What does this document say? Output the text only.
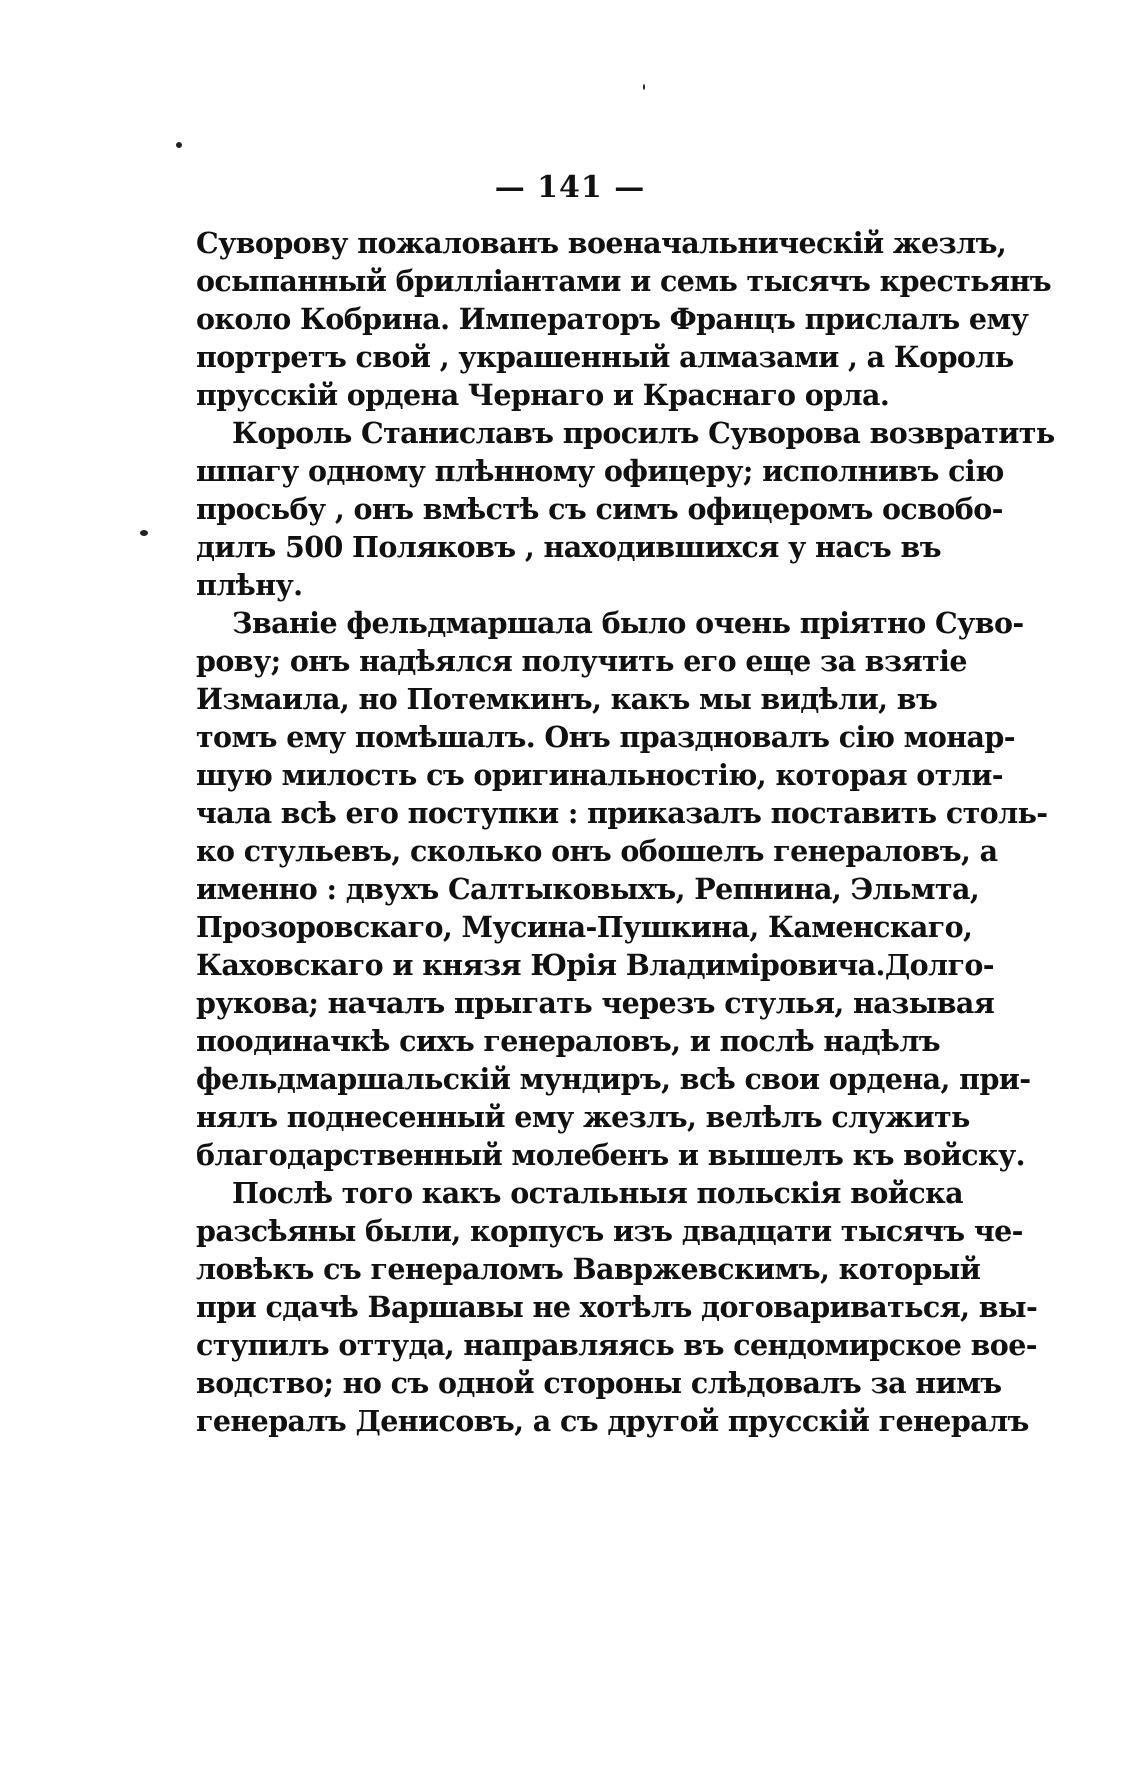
— 141 —
Суворову пожалованъ военачальническій жезлъ,
осыпанный бриллiантами и семь тысячъ крестьянъ
около Кобрина. Императоръ Францъ прислалъ ему
портретъ свой , украшенный алмазами , а Король
прусскій ордена Чернаго и Краснаго орла.
Король Станиславъ просилъ Суворова возвратить
шпагу одному плѣнному офицеру; исполнивъ сію
просьбу , онъ вмѣстѣ съ симъ офицеромъ освобо-
дилъ 500 Поляковъ , находившихся у насъ въ
плѣну.
Званіе фельдмаршала было очень пріятно Суво-
рову; онъ надѣялся получить его еще за взятіе
Измаила, но Потемкинъ, какъ мы видѣли, въ
томъ ему помѣшалъ. Онъ праздновалъ сію монар-
шую милость съ оригинальностію, которая отли-
чала всѣ его поступки : приказалъ поставить столь-
ко стульевъ, сколько онъ обошелъ генераловъ, а
именно : двухъ Салтыковыхъ, Репнина, Эльмта,
Прозоровскаго, Мусина-Пушкина, Каменскаго,
Каховскаго и князя Юрія Владиміровича.Долго-
рукова; началъ прыгать черезъ стулья, называя
поодиначкѣ сихъ генераловъ, и послѣ надѣлъ
фельдмаршальскій мундиръ, всѣ свои ордена, при-
нялъ поднесенный ему жезлъ, велѣлъ служить
благодарственный молебенъ и вышелъ къ войску.
Послѣ того какъ остальныя польскія войска
разсѣяны были, корпусъ изъ двадцати тысячъ че-
ловѣкъ съ генераломъ Вавржевскимъ, который
при сдачѣ Варшавы не хотѣлъ договариваться, вы-
ступилъ оттуда, направляясь въ сендомирское вое-
водство; но съ одной стороны слѣдовалъ за нимъ
генералъ Денисовъ, а съ другой прусскій генералъ
